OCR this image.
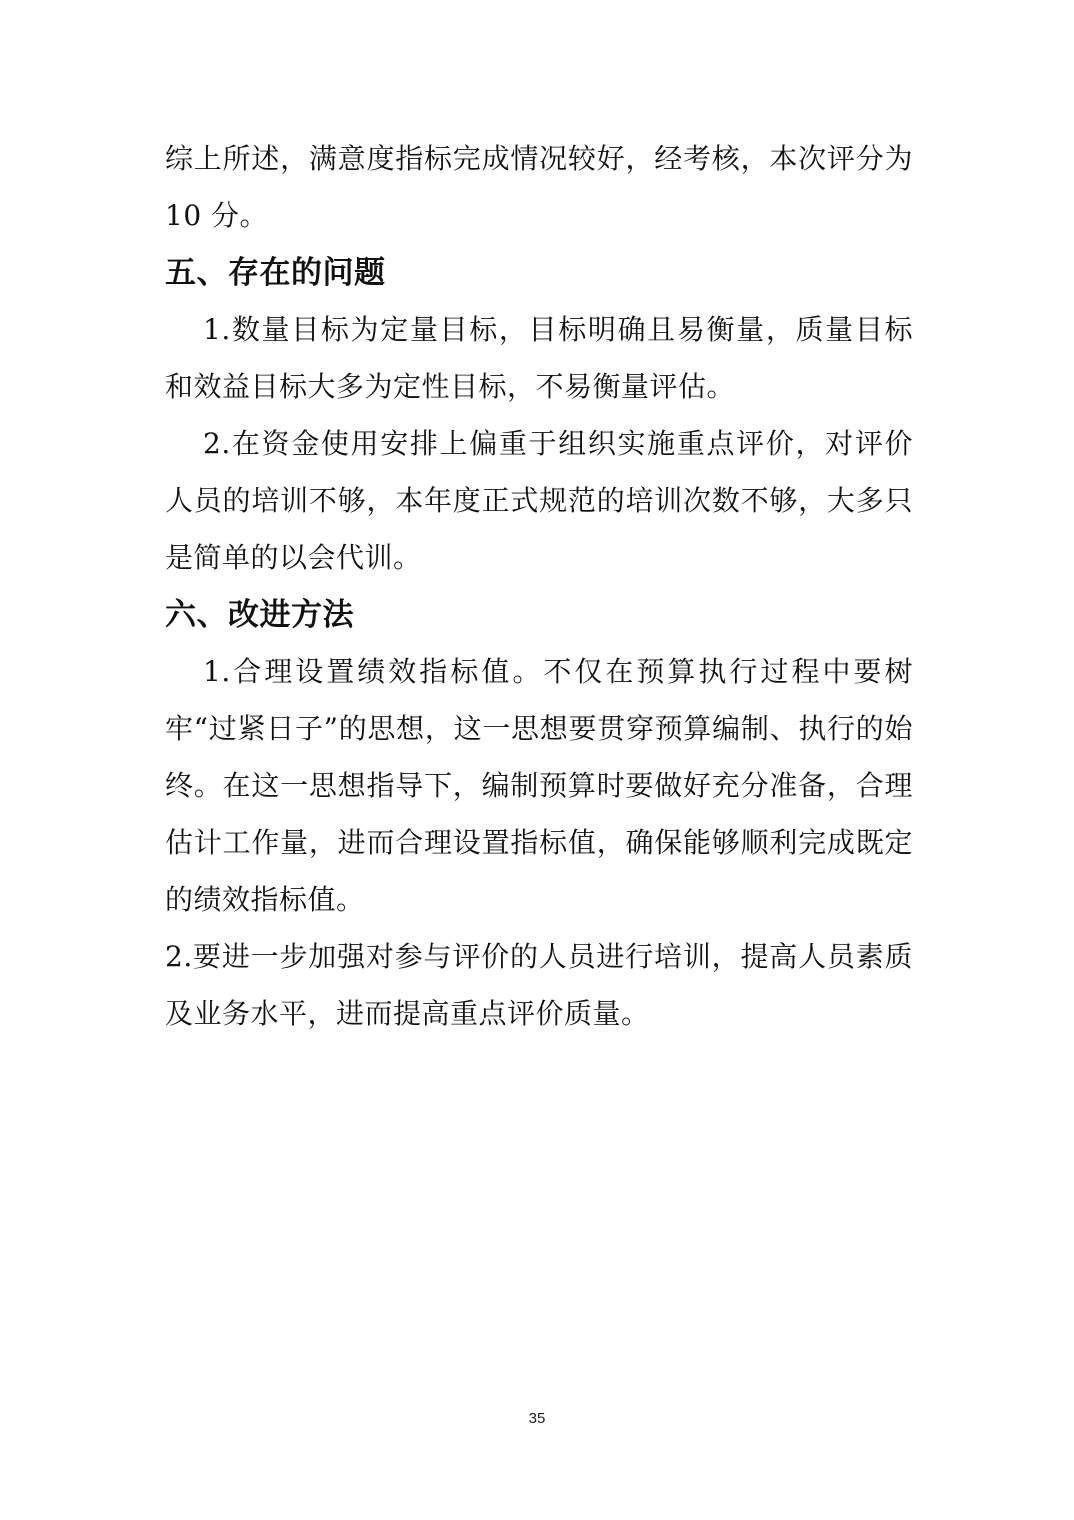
综上所述，满意度指标完成情况较好，经考核，本次评分为10 分。

五、存在的问题

1.数量目标为定量目标，目标明确且易衡量，质量目标和效益目标大多为定性目标，不易衡量评估。

2.在资金使用安排上偏重于组织实施重点评价，对评价人员的培训不够，本年度正式规范的培训次数不够，大多只是简单的以会代训。

六、改进方法

1.合理设置绩效指标值。不仅在预算执行过程中要树牢“过紧日子”的思想，这一思想要贯穿预算编制、执行的始终。在这一思想指导下，编制预算时要做好充分准备，合理估计工作量，进而合理设置指标值，确保能够顺利完成既定的绩效指标值。

2.要进一步加强对参与评价的人员进行培训，提高人员素质及业务水平，进而提高重点评价质量。

35
